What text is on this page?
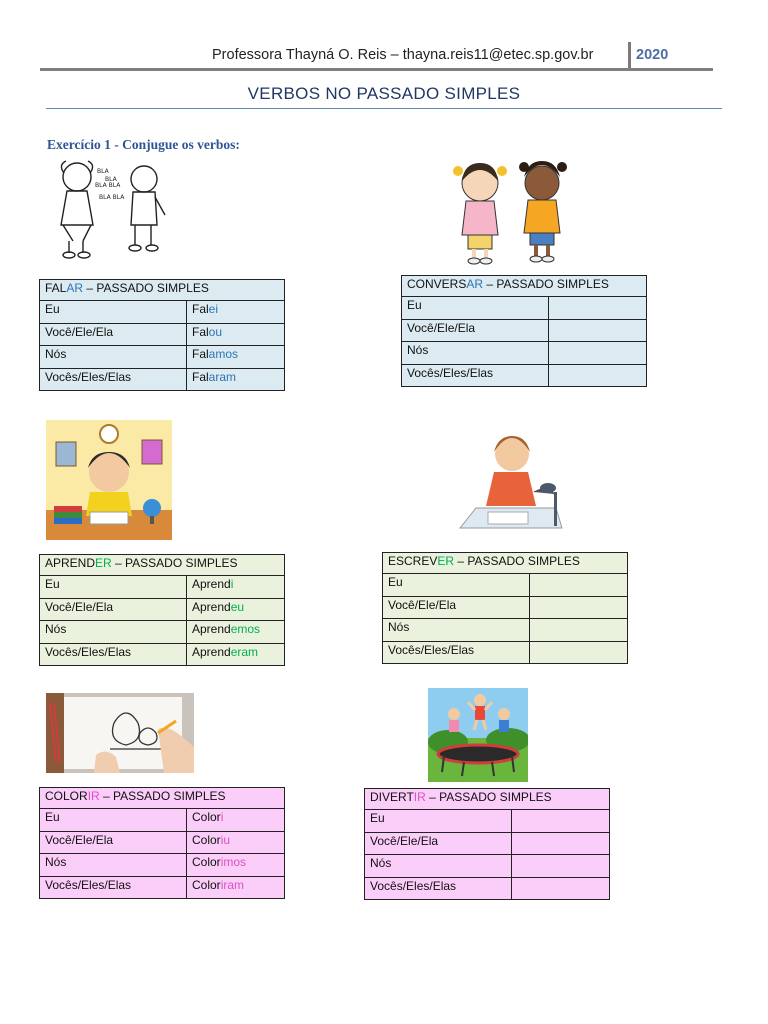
Professora Thayná O. Reis – thayna.reis11@etec.sp.gov.br	2020
VERBOS NO PASSADO SIMPLES
Exercício 1 - Conjugue os verbos:
BLA
BLA
BLA BLA
BLA BLA
FALAR – PASSADO SIMPLES	
Eu	Falei
Você/Ele/Ela	Falou
Nós	Falamos
Vocês/Eles/Elas	Falaram
CONVERSAR – PASSADO SIMPLES	
Eu	
Você/Ele/Ela	
Nós	
Vocês/Eles/Elas	
APRENDER – PASSADO SIMPLES	
Eu	Aprendi
Você/Ele/Ela	Aprendeu
Nós	Aprendemos
Vocês/Eles/Elas	Aprenderam
ESCREVER – PASSADO SIMPLES	
Eu	
Você/Ele/Ela	
Nós	
Vocês/Eles/Elas	
COLORIR – PASSADO SIMPLES	
Eu	Colori
Você/Ele/Ela	Coloriu
Nós	Colorimos
Vocês/Eles/Elas	Coloriram
DIVERTIR – PASSADO SIMPLES	
Eu	
Você/Ele/Ela	
Nós	
Vocês/Eles/Elas	
